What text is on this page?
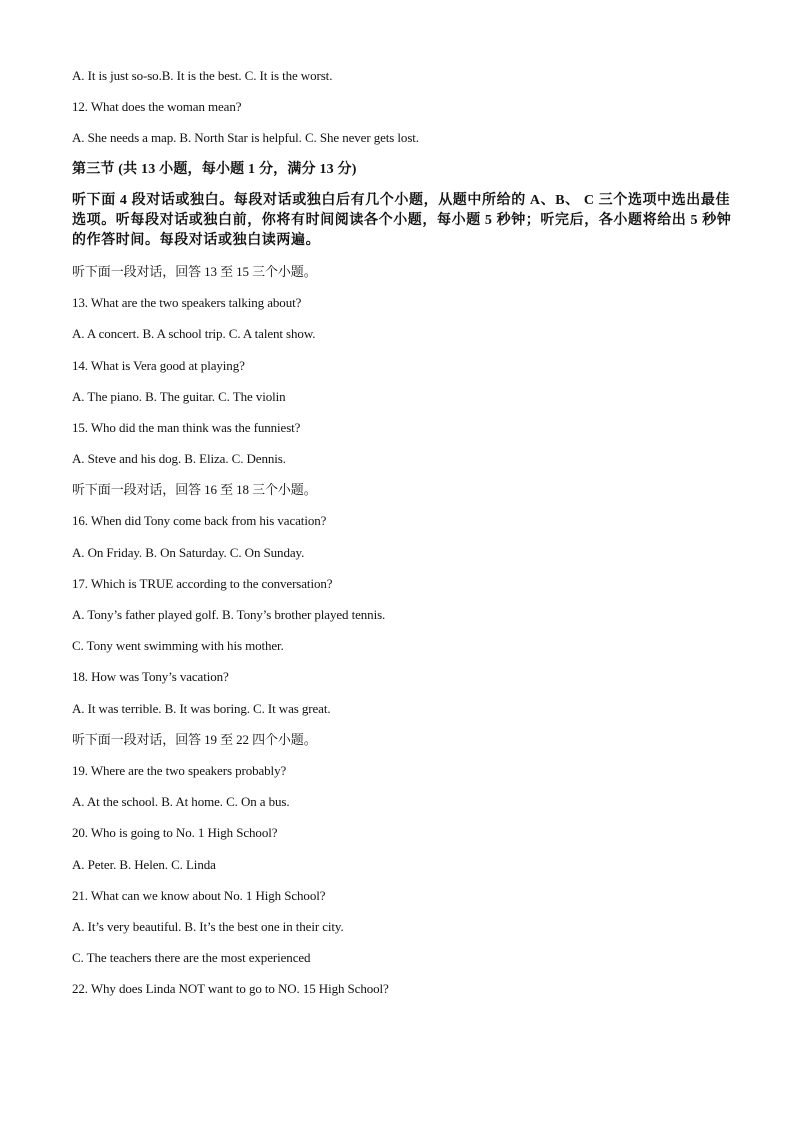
A. It is just so-so.B. It is the best. C. It is the worst.
12. What does the woman mean?
A. She needs a map. B. North Star is helpful. C. She never gets lost.
第三节 (共 13 小题，每小题 1 分，满分 13 分)
听下面 4 段对话或独白。每段对话或独白后有几个小题，从题中所给的 A、B、 C 三个选项中选出最佳选项。听每段对话或独白前，你将有时间阅读各个小题，每小题 5 秒钟；听完后，各小题将给出 5 秒钟的作答时间。每段对话或独白读两遍。
听下面一段对话，回答 13 至 15 三个小题。
13. What are the two speakers talking about?
A. A concert. B. A school trip. C. A talent show.
14. What is Vera good at playing?
A. The piano. B. The guitar. C. The violin
15. Who did the man think was the funniest?
A. Steve and his dog. B. Eliza. C. Dennis.
听下面一段对话，回答 16 至 18 三个小题。
16. When did Tony come back from his vacation?
A. On Friday. B. On Saturday. C. On Sunday.
17. Which is TRUE according to the conversation?
A. Tony’s father played golf. B. Tony’s brother played tennis.
C. Tony went swimming with his mother.
18. How was Tony’s vacation?
A. It was terrible. B. It was boring. C. It was great.
听下面一段对话，回答 19 至 22 四个小题。
19. Where are the two speakers probably?
A. At the school. B. At home. C. On a bus.
20. Who is going to No. 1 High School?
A. Peter. B. Helen. C. Linda
21. What can we know about No. 1 High School?
A. It’s very beautiful. B. It’s the best one in their city.
C. The teachers there are the most experienced
22. Why does Linda NOT want to go to NO. 15 High School?
